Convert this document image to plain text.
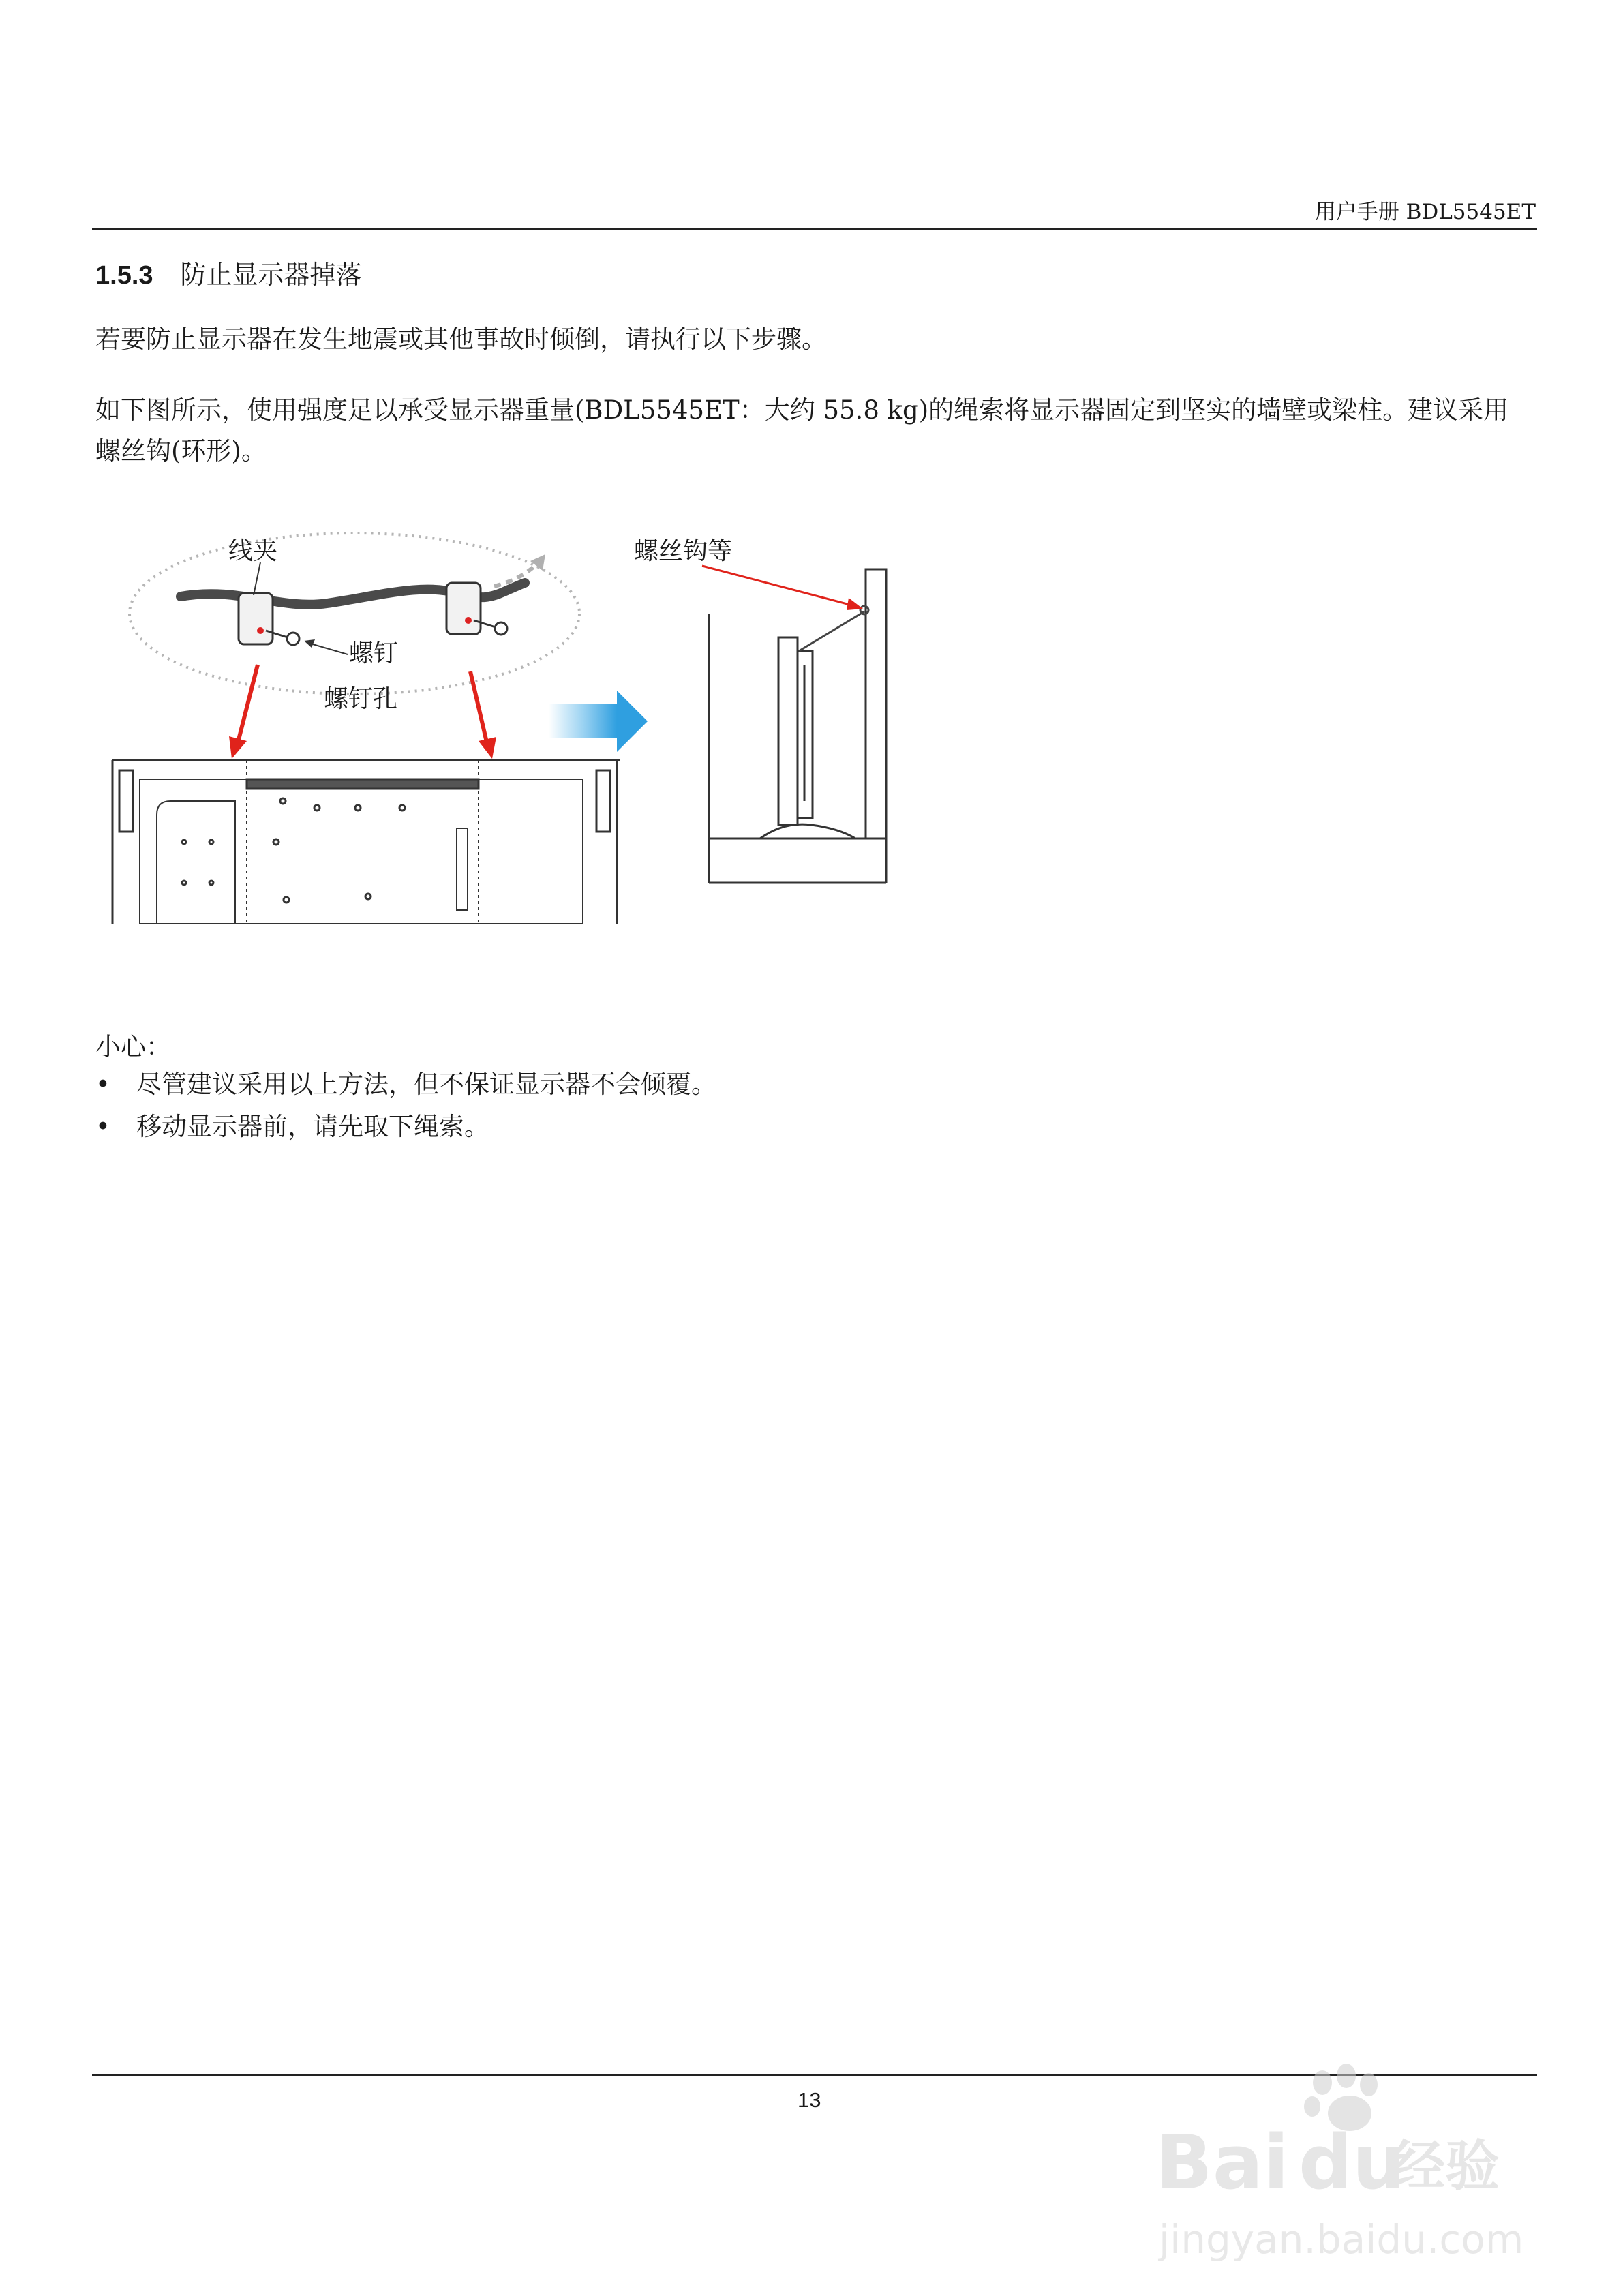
用户手册 BDL5545ET
1.5.3 防止显示器掉落
若要防止显示器在发生地震或其他事故时倾倒，请执行以下步骤。
如下图所示，使用强度足以承受显示器重量(BDL5545ET：大约 55.8 kg)的绳索将显示器固定到坚实的墙壁或梁柱。建议采用螺丝钩(环形)。
线夹
螺钉
螺钉孔
螺丝钩等
小心：
• 尽管建议采用以上方法，但不保证显示器不会倾覆。
• 移动显示器前，请先取下绳索。
13
Bai du
经验
jingyan.baidu.com
